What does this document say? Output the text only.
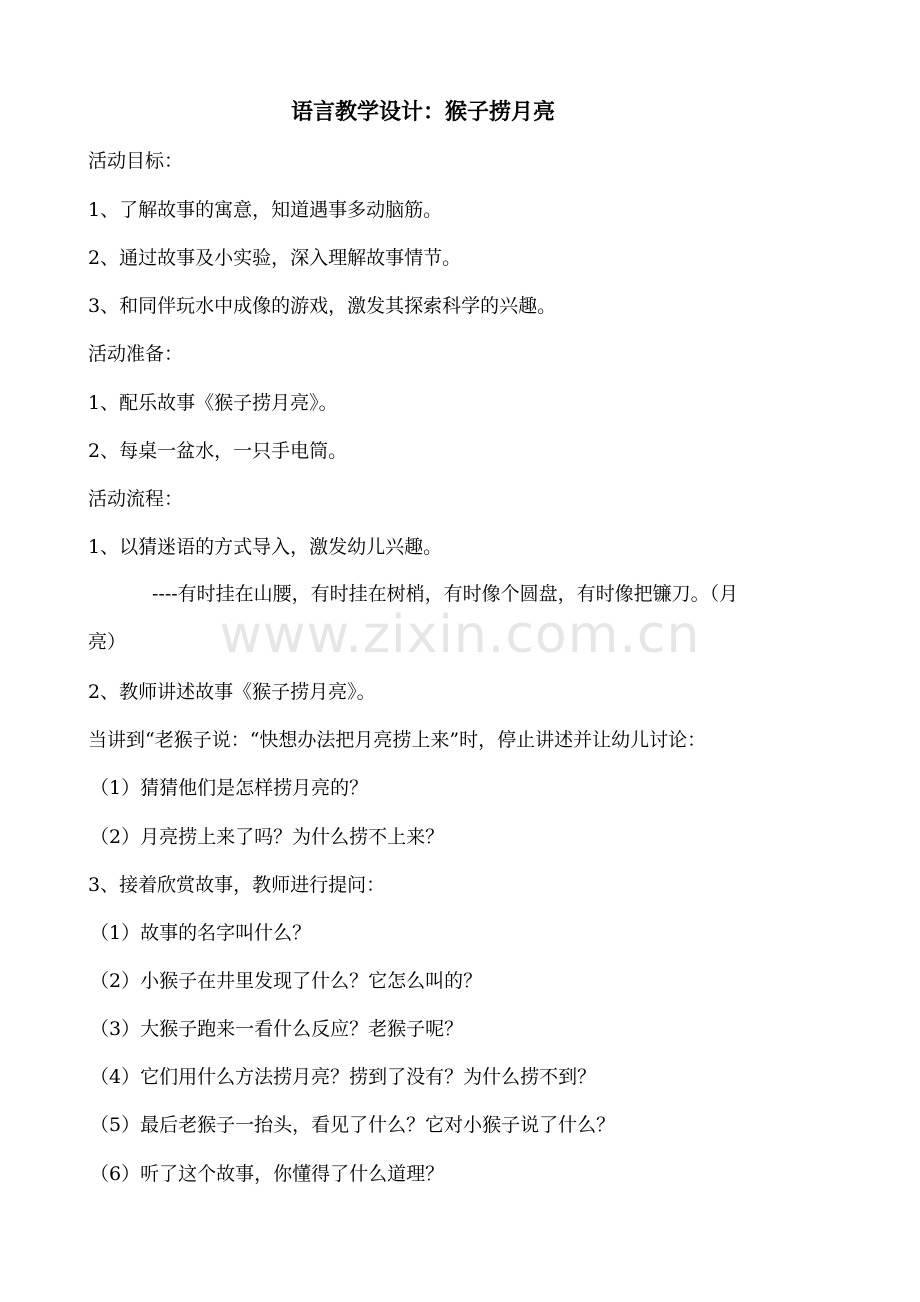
语言教学设计：猴子捞月亮
活动目标：
1、了解故事的寓意，知道遇事多动脑筋。
2、通过故事及小实验，深入理解故事情节。
3、和同伴玩水中成像的游戏，激发其探索科学的兴趣。
活动准备：
1、配乐故事《猴子捞月亮》。
2、每桌一盆水，一只手电筒。
活动流程：
1、以猜迷语的方式导入，激发幼儿兴趣。
----有时挂在山腰，有时挂在树梢，有时像个圆盘，有时像把镰刀。（月
亮）
2、教师讲述故事《猴子捞月亮》。
当讲到“老猴子说：“快想办法把月亮捞上来”时，停止讲述并让幼儿讨论：
（1）猜猜他们是怎样捞月亮的？
（2）月亮捞上来了吗？为什么捞不上来？
3、接着欣赏故事，教师进行提问：
（1）故事的名字叫什么？
（2）小猴子在井里发现了什么？它怎么叫的？
（3）大猴子跑来一看什么反应？老猴子呢？
（4）它们用什么方法捞月亮？捞到了没有？为什么捞不到？
（5）最后老猴子一抬头，看见了什么？它对小猴子说了什么？
（6）听了这个故事，你懂得了什么道理？
www.zixin.com.cn
